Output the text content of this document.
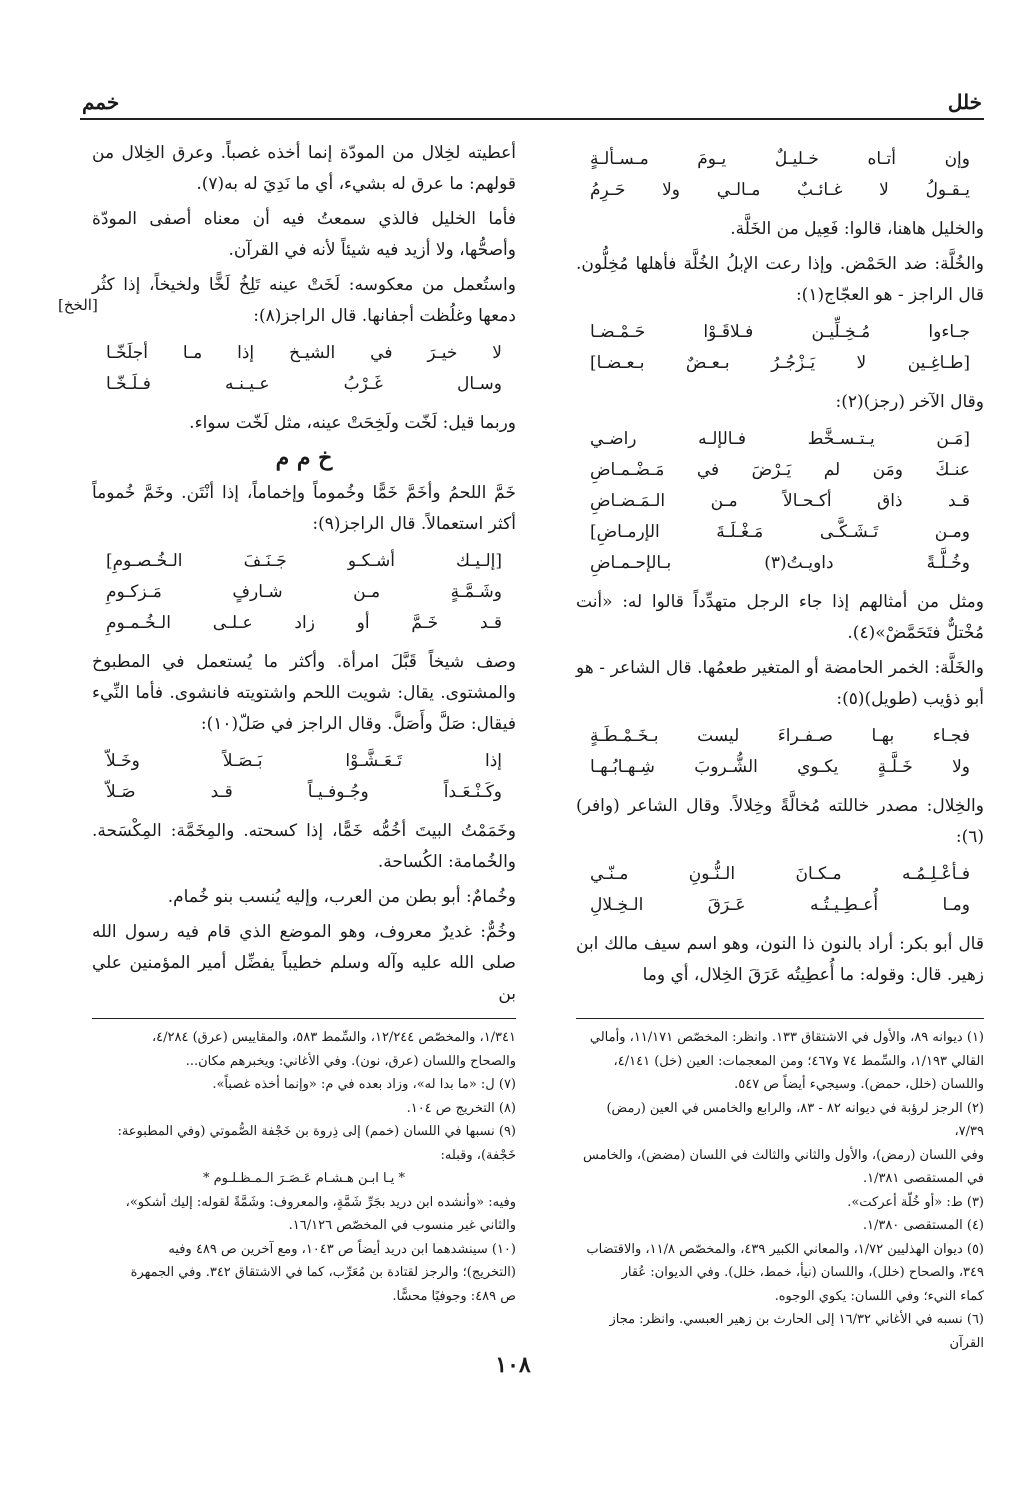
خلل
خمم
وإن أتـاه خـليـلٌ يـومَ مـسـألـةٍ
يـقـولُ لا غـائـبٌ مـالـي ولا حَـرِمُ

والخليل هاهنا، قالوا: فَعِيل من الخَلَّة.

والخُلَّة: ضد الحَمْض. وإذا رعت الإبلُ الخُلَّة فأهلها مُخِلُّون. قال الراجز - هو العجّاج(١):

جـاءوا مُـخِـلِّيـن فـلاقَـوْا حَـمْـضـا
[طـاغِـين لا يَـزْجُـرُ بـعـضٌ بـعـضـا]

وقال الآخر (رجز)(٢):

[مَـن يـتـسـخَّط فـالإلـه راضـي
عنـكَ ومَن لم يَـرْضَ في مَـضْـمـاضِ
قـد ذاق أكـحـالاً مـن الـمَـضـاضِ
ومـن تَـشَـكَّـى مَـغْـلَـةَ الإرمـاضِ]
وخُـلَّـةً داويـتُ(٣) بـالإحـمـاضِ

ومثل من أمثالهم إذا جاء الرجل متهدِّداً قالوا له: «أنت مُخْتلٌّ فتَحَمَّضْ»(٤).

والخَلَّة: الخمر الحامضة أو المتغير طعمُها. قال الشاعر - هو أبو ذؤيب (طويل)(٥):

فجـاء بهـا صـفـراءَ ليست بـخَـمْـطَـةٍ
ولا خَـلَّـةٍ يكـوي الشُّـروبَ شِـهـابُـهـا

والخِلال: مصدر خاللته مُخالَّةً وخِلالاً. وقال الشاعر (وافر)(٦):

فـأعْـلِـمُـه مـكـانَ الـنُّـونِ مـنّـي
ومـا أُعـطِـيـتُـه عَـرَقَ الـخِـلالِ

قال أبو بكر: أراد بالنون ذا النون، وهو اسم سيف مالك ابن زهير. قال: وقوله: ما أُعطِيتُه عَرَقَ الخِلال، أي وما

أعطيته لخِلال من المودّة إنما أخذه غصباً. وعرق الخِلال من قولهم: ما عرق له بشيء، أي ما نَدِيَ له به(٧).

فأما الخليل فالذي سمعتُ فيه أن معناه أصفى المودّة وأصحُّها، ولا أزيد فيه شيئاً لأنه في القرآن.

واستُعمل من معكوسه: لَخَتْ عينه تَلِخُ لَخًّا ولخيخاً، إذا كثُر دمعها وغلُظت أجفانها. قال الراجز(٨):

لا خيـرَ في الشيـخ إذا مـا أجلَخّـا
وسـال غَـرْبُ عـيـنـه فـلَـخّـا

وربما قيل: لَخّت ولَخِحَتْ عينه، مثل لَخّت سواء.

خ م م

خَمَّ اللحمُ وأخَمَّ خَمًّا وخُموماً وإخماماً، إذا أنْتَن. وخَمَّ خُموماً أكثر استعمالاً. قال الراجز(٩):

[إلـيـك أشـكـو جَـنَـفَ الـخُـصـومِ]
وشَـمَّـةٍ مـن شـارفٍ مَـزكـومِ
قـد خَـمَّ أو زاد عـلـى الـخُـمـومِ

وصف شيخاً قَبَّلَ امرأة. وأكثر ما يُستعمل في المطبوخ والمشتوى. يقال: شويت اللحم واشتويته فانشوى. فأما النِّيء فيقال: صَلَّ وأَصَلَّ. وقال الراجز في صَلّ(١٠):

إذا تَـعَـشَّـوْا بَـصَـلاً وخَـلاّ
وكَـنْـعَـداً وجُـوفـيـاً قـد صَـلاّ

وخَمَمْتُ البيتَ أخُمُّه خَمًّا، إذا كسحته. والمِخَمَّة: المِكْسَحة. والخُمامة: الكُساحة.

وخُمامٌ: أبو بطن من العرب، وإليه يُنسب بنو خُمام.

وخُمٌّ: غديرٌ معروف، وهو الموضع الذي قام فيه رسول الله صلى الله عليه وآله وسلم خطيباً يفضِّل أمير المؤمنين علي بن

[الخخ]
(١) ديوانه ٨٩، والأول في الاشتقاق ١٣٣. وانظر: المخصّص ١١/١٧١، وأمالي
القالي ١/١٩٣، والسِّمط ٧٤ و٤٦٧؛ ومن المعجمات: العين (خل) ٤/١٤١،
واللسان (خلل، حمض). وسيجيء أيضاً ص ٥٤٧.
(٢) الرجز لرؤبة في ديوانه ٨٢ - ٨٣، والرابع والخامس في العين (رمض) ٧/٣٩،
وفي اللسان (رمض)، والأول والثاني والثالث في اللسان (مضض)، والخامس
في المستقصى ١/٣٨١.
(٣) ط: «أو خُلّة أعركت».
(٤) المستقصى ١/٣٨٠.
(٥) ديوان الهذليين ١/٧٢، والمعاني الكبير ٤٣٩، والمخصّص ١١/٨، والاقتضاب
٣٤٩، والصحاح (خلل)، واللسان (نيأ، خمط، خلل). وفي الديوان: عُقار
كماء النيء؛ وفي اللسان: يكوي الوجوه.
(٦) نسبه في الأغاني ١٦/٣٢ إلى الحارث بن زهير العبسي. وانظر: مجاز القرآن
١/٣٤١، والمخصّص ١٢/٢٤٤، والسِّمط ٥٨٣، والمقاييس (عرق) ٤/٢٨٤،
والصحاح واللسان (عرق، نون). وفي الأغاني: ويخبرهم مكان...
(٧) ل: «ما بدا له»، وزاد بعده في م: «وإنما أخذه غصباً».
(٨) التخريج ص ١٠٤.
(٩) نسبها في اللسان (خمم) إلى ذِروة بن خَجْفة الصُّموتي (وفي المطبوعة:
خَجْفة)، وقبله:
* يـا ابـن هـشـام عَـصَـرَ الـمـظـلـوم *
وفيه: «وأنشده ابن دريد بجَرِّ شَمَّةٍ، والمعروف: وشَمَّةً لقوله: إليك أشكو»،
والثاني غير منسوب في المخصّص ١٦/١٢٦.
(١٠) سينشدهما ابن دريد أيضاً ص ١٠٤٣، ومع آخرين ص ٤٨٩ وفيه
(التخريج)؛ والرجز لقتادة بن مُعَرِّب، كما في الاشتقاق ٣٤٢. وفي الجمهرة
ص ٤٨٩: وجوفيًا محسًّا.
١٠٨
